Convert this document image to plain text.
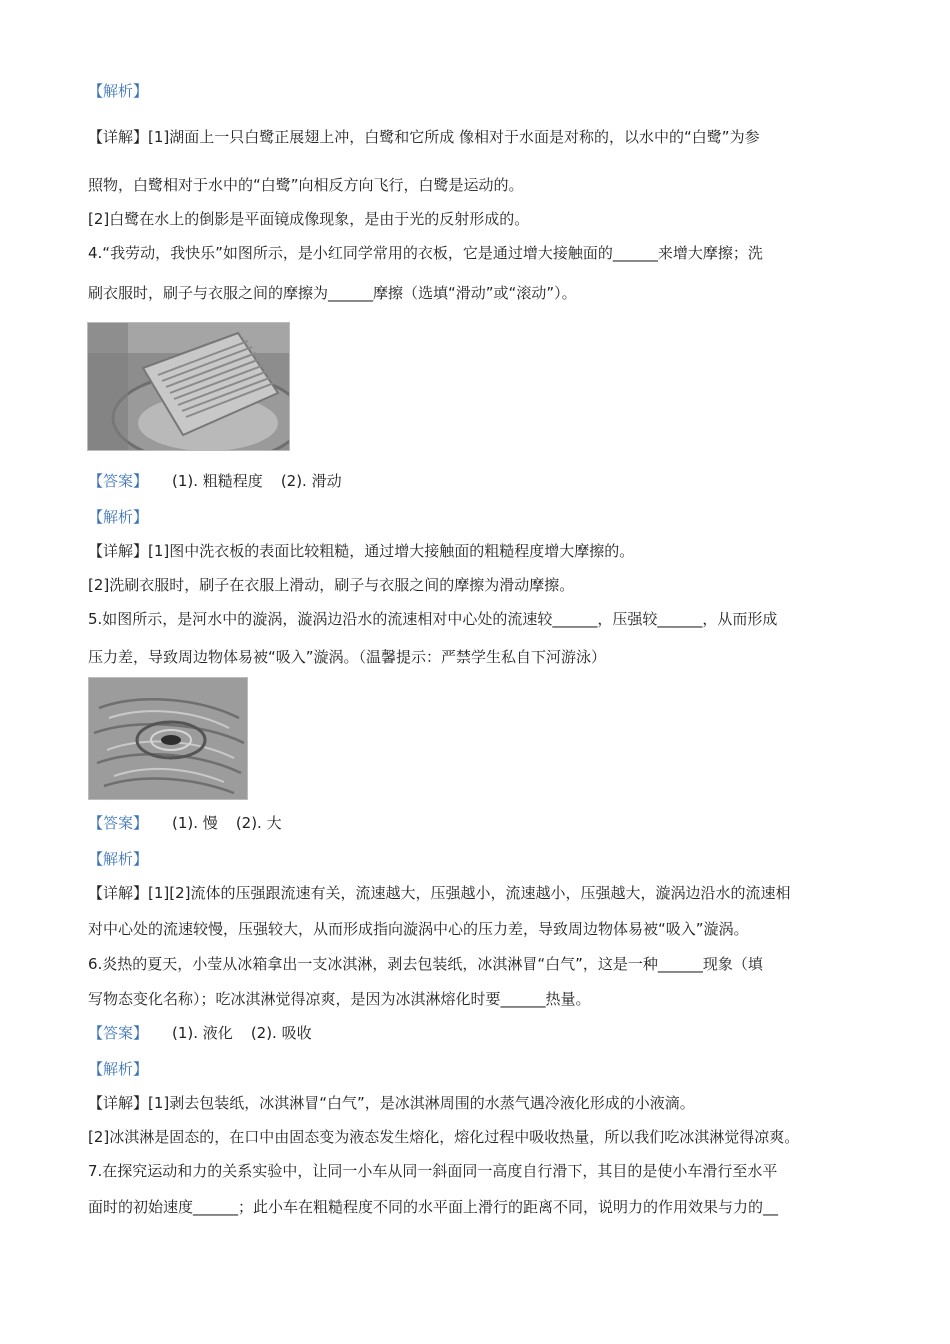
【解析】
【详解】[1]湖面上一只白鹭正展翅上冲，白鹭和它所成 像相对于水面是对称的，以水中的“白鹭”为参
照物，白鹭相对于水中的“白鹭”向相反方向飞行，白鹭是运动的。
[2]白鹭在水上的倒影是平面镜成像现象，是由于光的反射形成的。
4.“我劳动，我快乐”如图所示，是小红同学常用的衣板，它是通过增大接触面的______来增大摩擦；洗
刷衣服时，刷子与衣服之间的摩擦为______摩擦（选填“滑动”或“滚动”）。
【答案】 (1). 粗糙程度 (2). 滑动
【解析】
【详解】[1]图中洗衣板的表面比较粗糙，通过增大接触面的粗糙程度增大摩擦的。
[2]洗刷衣服时，刷子在衣服上滑动，刷子与衣服之间的摩擦为滑动摩擦。
5.如图所示，是河水中的漩涡，漩涡边沿水的流速相对中心处的流速较______，压强较______，从而形成
压力差，导致周边物体易被“吸入”漩涡。（温馨提示：严禁学生私自下河游泳）
【答案】 (1). 慢 (2). 大
【解析】
【详解】[1][2]流体的压强跟流速有关，流速越大，压强越小，流速越小，压强越大，漩涡边沿水的流速相
对中心处的流速较慢，压强较大，从而形成指向漩涡中心的压力差，导致周边物体易被“吸入”漩涡。
6.炎热的夏天，小莹从冰箱拿出一支冰淇淋，剥去包装纸，冰淇淋冒“白气”，这是一种______现象（填
写物态变化名称）；吃冰淇淋觉得凉爽，是因为冰淇淋熔化时要______热量。
【答案】 (1). 液化 (2). 吸收
【解析】
【详解】[1]剥去包装纸，冰淇淋冒“白气”，是冰淇淋周围的水蒸气遇冷液化形成的小液滴。
[2]冰淇淋是固态的，在口中由固态变为液态发生熔化，熔化过程中吸收热量，所以我们吃冰淇淋觉得凉爽。
7.在探究运动和力的关系实验中，让同一小车从同一斜面同一高度自行滑下，其目的是使小车滑行至水平
面时的初始速度______；此小车在粗糙程度不同的水平面上滑行的距离不同，说明力的作用效果与力的__
